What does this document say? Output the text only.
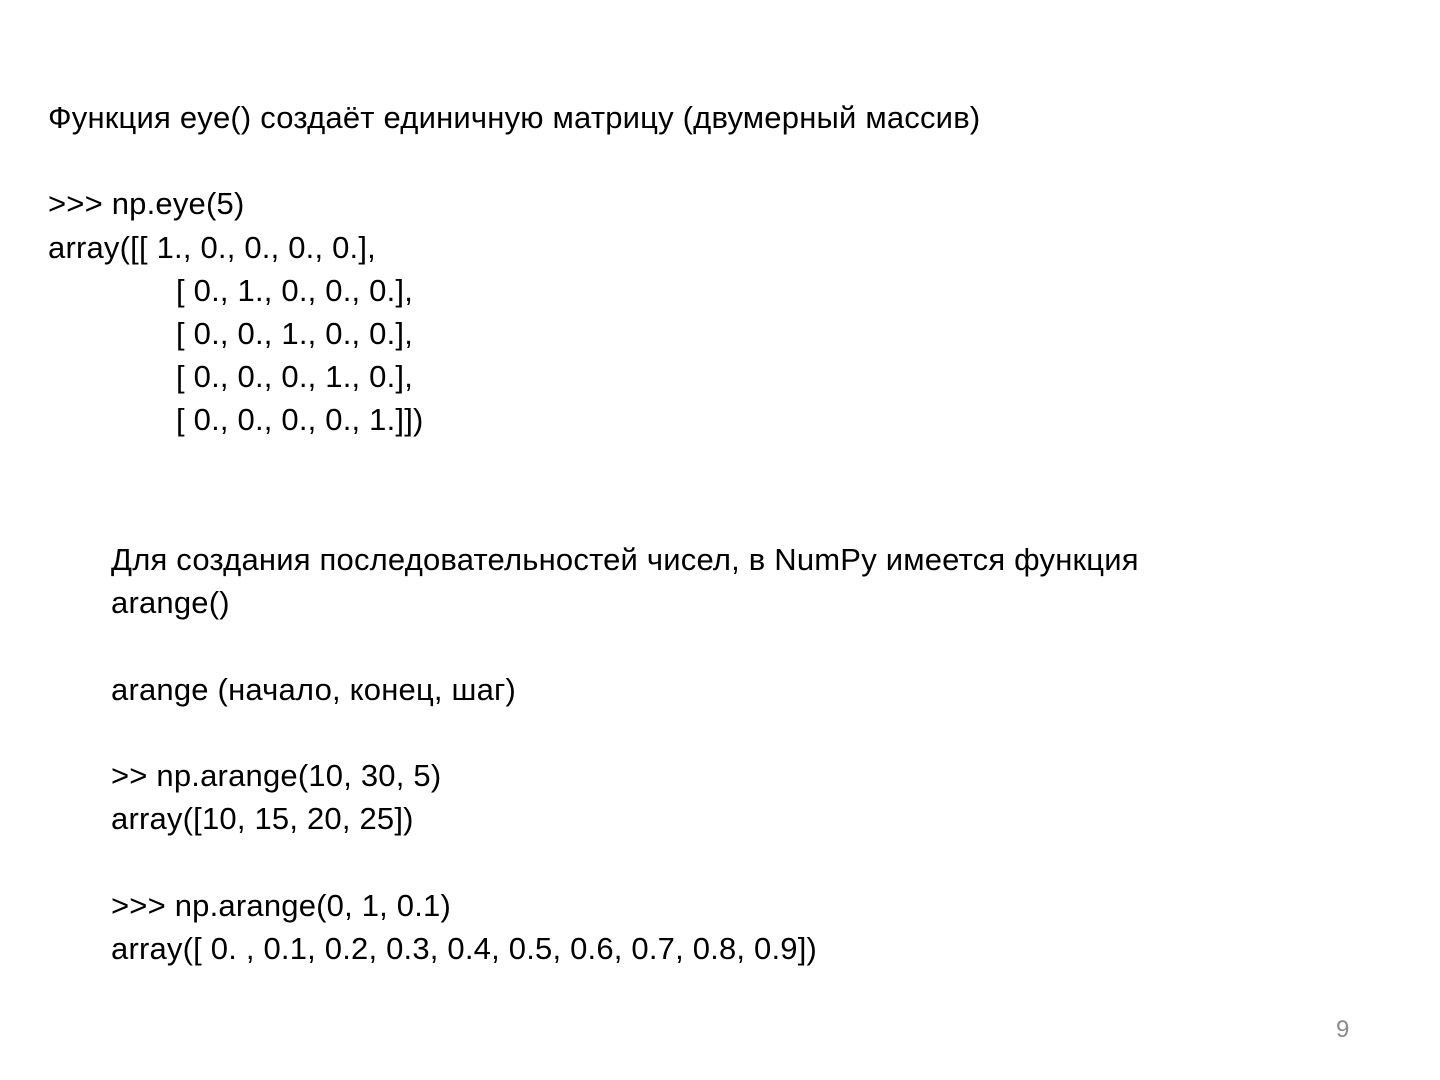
Функция eye() создаёт единичную матрицу (двумерный массив)
>>> np.eye(5)
array([[ 1., 0., 0., 0., 0.],
[ 0., 1., 0., 0., 0.],
[ 0., 0., 1., 0., 0.],
[ 0., 0., 0., 1., 0.],
[ 0., 0., 0., 0., 1.]])
Для создания последовательностей чисел, в NumPy имеется функция
arange()
arange (начало, конец, шаг)
>> np.arange(10, 30, 5)
array([10, 15, 20, 25])
>>> np.arange(0, 1, 0.1)
array([ 0. , 0.1, 0.2, 0.3, 0.4, 0.5, 0.6, 0.7, 0.8, 0.9])
9
